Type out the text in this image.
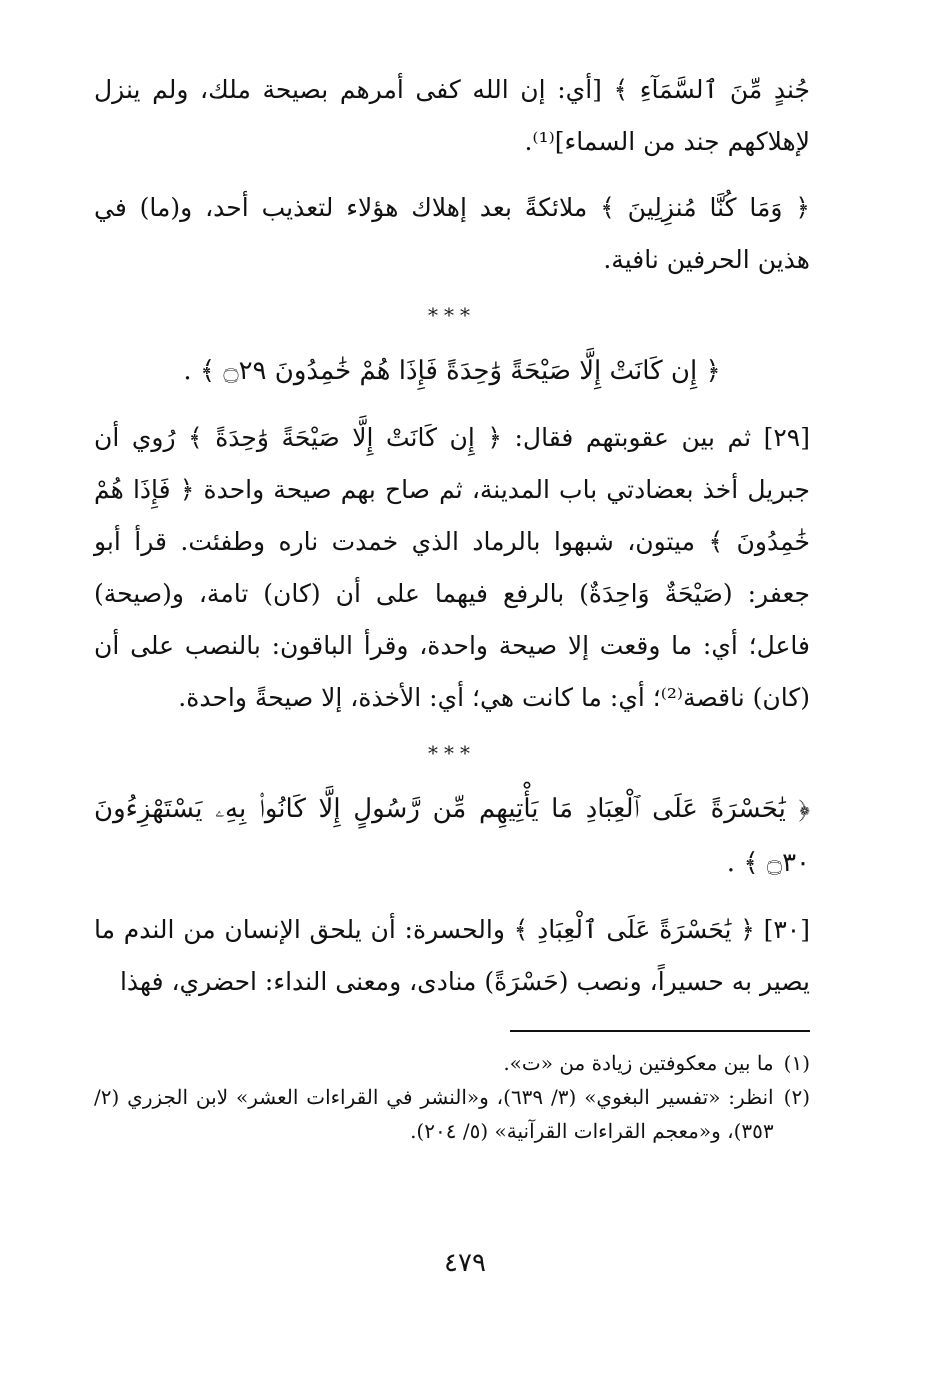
جُندٍ مِّنَ ٱلسَّمَآءِ ﴾ [أي: إن الله كفى أمرهم بصيحة ملك، ولم ينزل لإهلاكهم جند من السماء]⁽¹⁾.

﴿ وَمَا كُنَّا مُنزِلِينَ ﴾ ملائكةً بعد إهلاك هؤلاء لتعذيب أحد، و(ما) في هذين الحرفين نافية.

***

﴿ إِن كَانَتْ إِلَّا صَيْحَةً وَٰحِدَةً فَإِذَا هُمْ خَٰمِدُونَ ۝٢٩ ﴾ .

[٢٩] ثم بين عقوبتهم فقال: ﴿ إِن كَانَتْ إِلَّا صَيْحَةً وَٰحِدَةً ﴾ رُوي أن جبريل أخذ بعضادتي باب المدينة، ثم صاح بهم صيحة واحدة ﴿ فَإِذَا هُمْ خَٰمِدُونَ ﴾ ميتون، شبهوا بالرماد الذي خمدت ناره وطفئت. قرأ أبو جعفر: (صَيْحَةٌ وَاحِدَةٌ) بالرفع فيهما على أن (كان) تامة، و(صيحة) فاعل؛ أي: ما وقعت إلا صيحة واحدة، وقرأ الباقون: بالنصب على أن (كان) ناقصة⁽²⁾؛ أي: ما كانت هي؛ أي: الأخذة، إلا صيحةً واحدة.

***

﴿ يَٰحَسْرَةً عَلَى ٱلْعِبَادِ مَا يَأْتِيهِم مِّن رَّسُولٍ إِلَّا كَانُوا۟ بِهِۦ يَسْتَهْزِءُونَ ۝٣٠ ﴾ .

[٣٠] ﴿ يَٰحَسْرَةً عَلَى ٱلْعِبَادِ ﴾ والحسرة: أن يلحق الإنسان من الندم ما يصير به حسيراً، ونصب (حَسْرَةً) منادى، ومعنى النداء: احضري، فهذا

(١)
ما بين معكوفتين زيادة من «ت».
(٢)
انظر: «تفسير البغوي» (٣/ ٦٣٩)، و«النشر في القراءات العشر» لابن الجزري (٢/ ٣٥٣)، و«معجم القراءات القرآنية» (٥/ ٢٠٤).
٤٧٩
